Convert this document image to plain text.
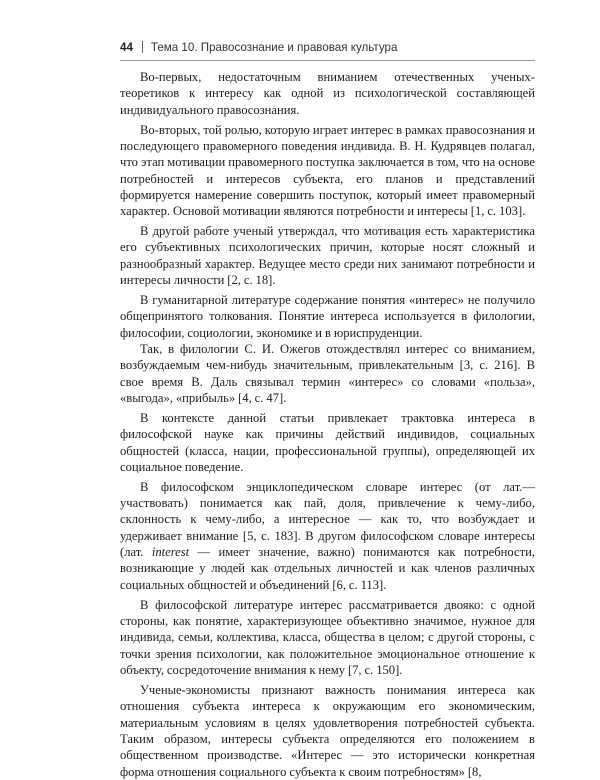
44 Тема 10. Правосознание и правовая культура

Во-первых, недостаточным вниманием отечественных ученых-теоретиков к интересу как одной из психологической составляющей индивидуального правосознания.

Во-вторых, той ролью, которую играет интерес в рамках правосознания и последующего правомерного поведения индивида. В. Н. Кудрявцев полагал, что этап мотивации правомерного поступка заключается в том, что на основе потребностей и интересов субъекта, его планов и представлений формируется намерение совершить поступок, который имеет правомерный характер. Основой мотивации являются потребности и интересы [1, с. 103].

В другой работе ученый утверждал, что мотивация есть характеристика его субъективных психологических причин, которые носят сложный и разнообразный характер. Ведущее место среди них занимают потребности и интересы личности [2, с. 18].

В гуманитарной литературе содержание понятия «интерес» не получило общепринятого толкования. Понятие интереса используется в филологии, философии, социологии, экономике и в юриспруденции.

Так, в филологии С. И. Ожегов отождествлял интерес со вниманием, возбуждаемым чем-нибудь значительным, привлекательным [3, с. 216]. В свое время В. Даль связывал термин «интерес» со словами «польза», «выгода», «прибыль» [4, с. 47].

В контексте данной статьи привлекает трактовка интереса в философской науке как причины действий индивидов, социальных общностей (класса, нации, профессиональной группы), определяющей их социальное поведение.

В философском энциклопедическом словаре интерес (от лат.— участвовать) понимается как пай, доля, привлечение к чему-либо, склонность к чему-либо, а интересное — как то, что возбуждает и удерживает внимание [5, с. 183]. В другом философском словаре интересы (лат. interest — имеет значение, важно) понимаются как потребности, возникающие у людей как отдельных личностей и как членов различных социальных общностей и объединений [6, с. 113].

В философской литературе интерес рассматривается двояко: с одной стороны, как понятие, характеризующее объективно значимое, нужное для индивида, семьи, коллектива, класса, общества в целом; с другой стороны, с точки зрения психологии, как положительное эмоциональное отношение к объекту, сосредоточение внимания к нему [7, с. 150].

Ученые-экономисты признают важность понимания интереса как отношения субъекта интереса к окружающим его экономическим, материальным условиям в целях удовлетворения потребностей субъекта. Таким образом, интересы субъекта определяются его положением в общественном производстве. «Интерес — это исторически конкретная форма отношения социального субъекта к своим потребностям» [8,
